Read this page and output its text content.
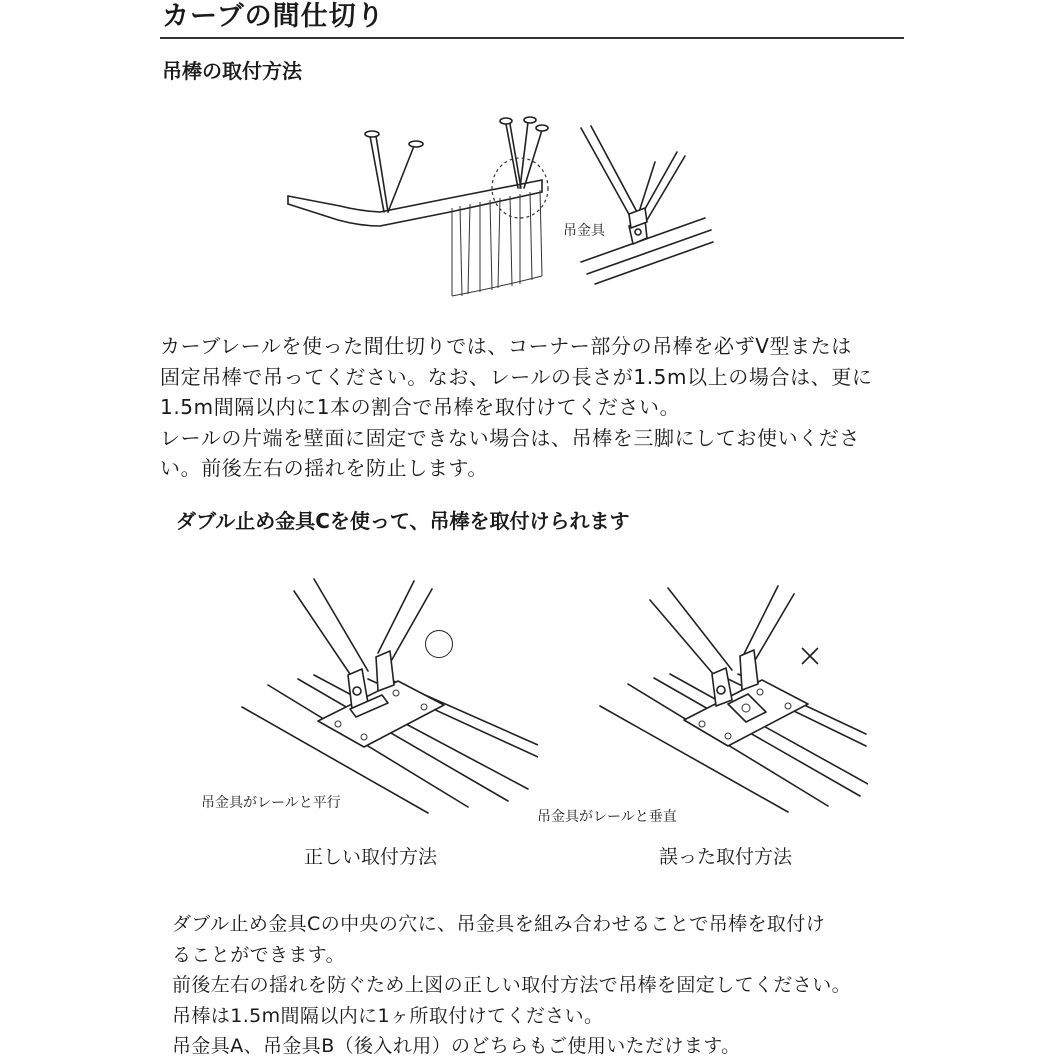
カーブの間仕切り
吊棒の取付方法
吊金具
カーブレールを使った間仕切りでは、コーナー部分の吊棒を必ずV型または
固定吊棒で吊ってください。なお、レールの長さが1.5m以上の場合は、更に
1.5m間隔以内に1本の割合で吊棒を取付けてください。
レールの片端を壁面に固定できない場合は、吊棒を三脚にしてお使いくださ
い。前後左右の揺れを防止します。
ダブル止め金具Cを使って、吊棒を取付けられます
吊金具がレールと平行
正しい取付方法
吊金具がレールと垂直
誤った取付方法
ダブル止め金具Cの中央の穴に、吊金具を組み合わせることで吊棒を取付け
ることができます。
前後左右の揺れを防ぐため上図の正しい取付方法で吊棒を固定してください。
吊棒は1.5m間隔以内に1ヶ所取付けてください。
吊金具A、吊金具B（後入れ用）のどちらもご使用いただけます。
